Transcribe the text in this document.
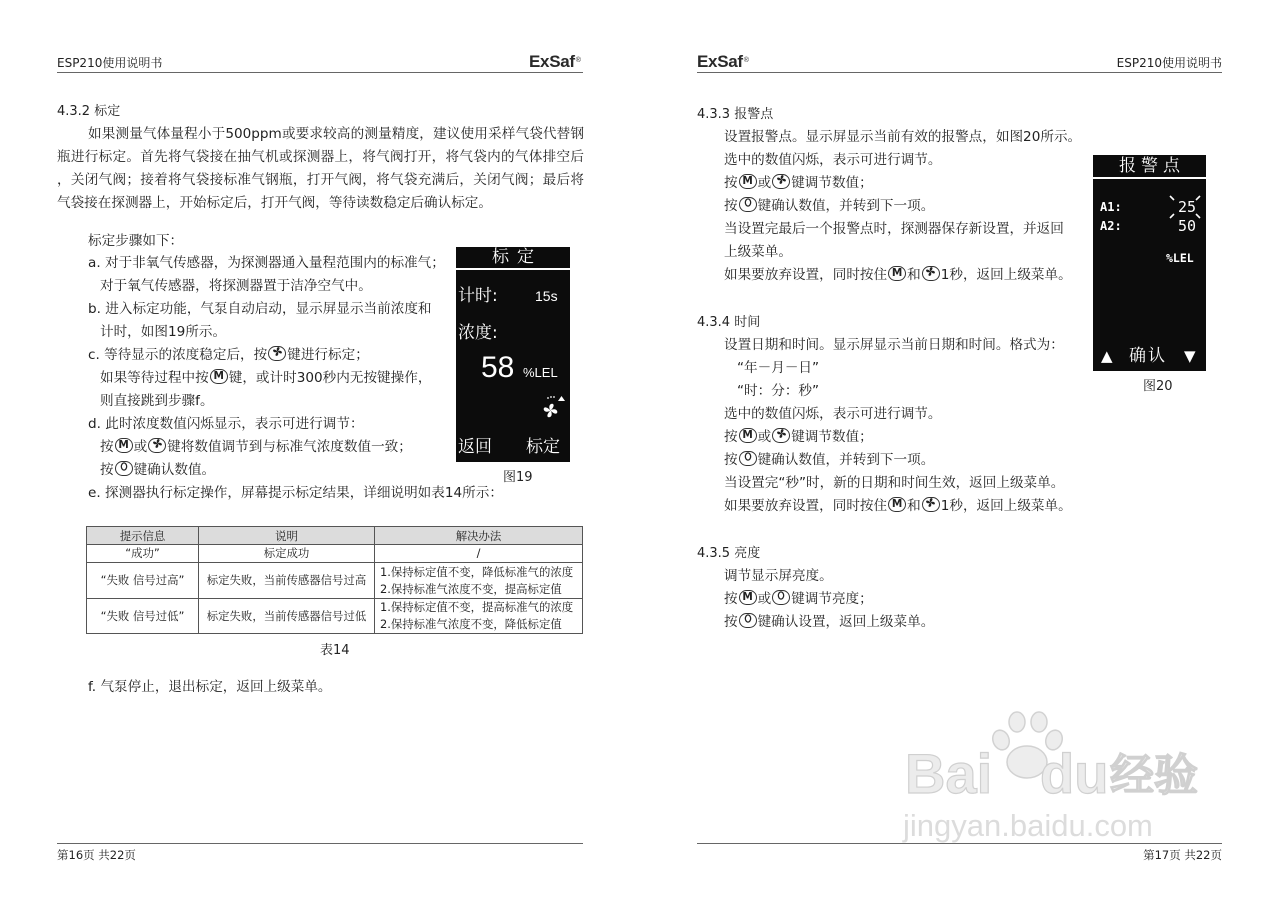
ESP210使用说明书	ExSaf®
4.3.2 标定
如果测量气体量程小于500ppm或要求较高的测量精度，建议使用采样气袋代替钢
瓶进行标定。首先将气袋接在抽气机或探测器上，将气阀打开，将气袋内的气体排空后
，关闭气阀；接着将气袋接标准气钢瓶，打开气阀，将气袋充满后，关闭气阀；最后将
气袋接在探测器上，开始标定后，打开气阀，等待读数稳定后确认标定。
标定步骤如下：
a. 对于非氧气传感器，为探测器通入量程范围内的标准气；
对于氧气传感器，将探测器置于洁净空气中。
b. 进入标定功能，气泵自动启动，显示屏显示当前浓度和
计时，如图19所示。
c. 等待显示的浓度稳定后，按 键进行标定；
如果等待过程中按 M 键，或计时300秒内无按键操作，
则直接跳到步骤f。
d. 此时浓度数值闪烁显示，表示可进行调节：
按 M 或 键将数值调节到与标准气浓度数值一致；
按 键确认数值。
e. 探测器执行标定操作，屏幕提示标定结果，详细说明如表14所示：
标定
计时:	15s
浓度:
58 %LEL
返回 标定
图19
提示信息	说明	解决办法
“成功”	标定成功	/
“失败 信号过高”	标定失败，当前传感器信号过高	1.保持标定值不变，降低标准气的浓度
2.保持标准气浓度不变，提高标定值

“失败 信号过低”	标定失败，当前传感器信号过低	1.保持标定值不变，提高标准气的浓度
2.保持标准气浓度不变，降低标定值
表14
f. 气泵停止，退出标定，返回上级菜单。
第16页 共22页
ExSaf®	ESP210使用说明书
4.3.3 报警点
设置报警点。显示屏显示当前有效的报警点，如图20所示。
选中的数值闪烁，表示可进行调节。
按 M 或 键调节数值；
按 键确认数值，并转到下一项。
当设置完最后一个报警点时，探测器保存新设置，并返回
上级菜单。
如果要放弃设置，同时按住 M 和 1秒，返回上级菜单。
报警点
A1:	25
A2:	50
%LEL
▲ 确认 ▼
图20
4.3.4 时间
设置日期和时间。显示屏显示当前日期和时间。格式为：
“年－月－日”
“时：分：秒”
选中的数值闪烁，表示可进行调节。
按 M 或 键调节数值；
按 键确认数值，并转到下一项。
当设置完“秒”时，新的日期和时间生效，返回上级菜单。
如果要放弃设置，同时按住 M 和 1秒，返回上级菜单。
4.3.5 亮度
调节显示屏亮度。
按 M 或 键调节亮度；
按 键确认设置，返回上级菜单。
第17页 共22页
Bai du 经验
jingyan.baidu.com
